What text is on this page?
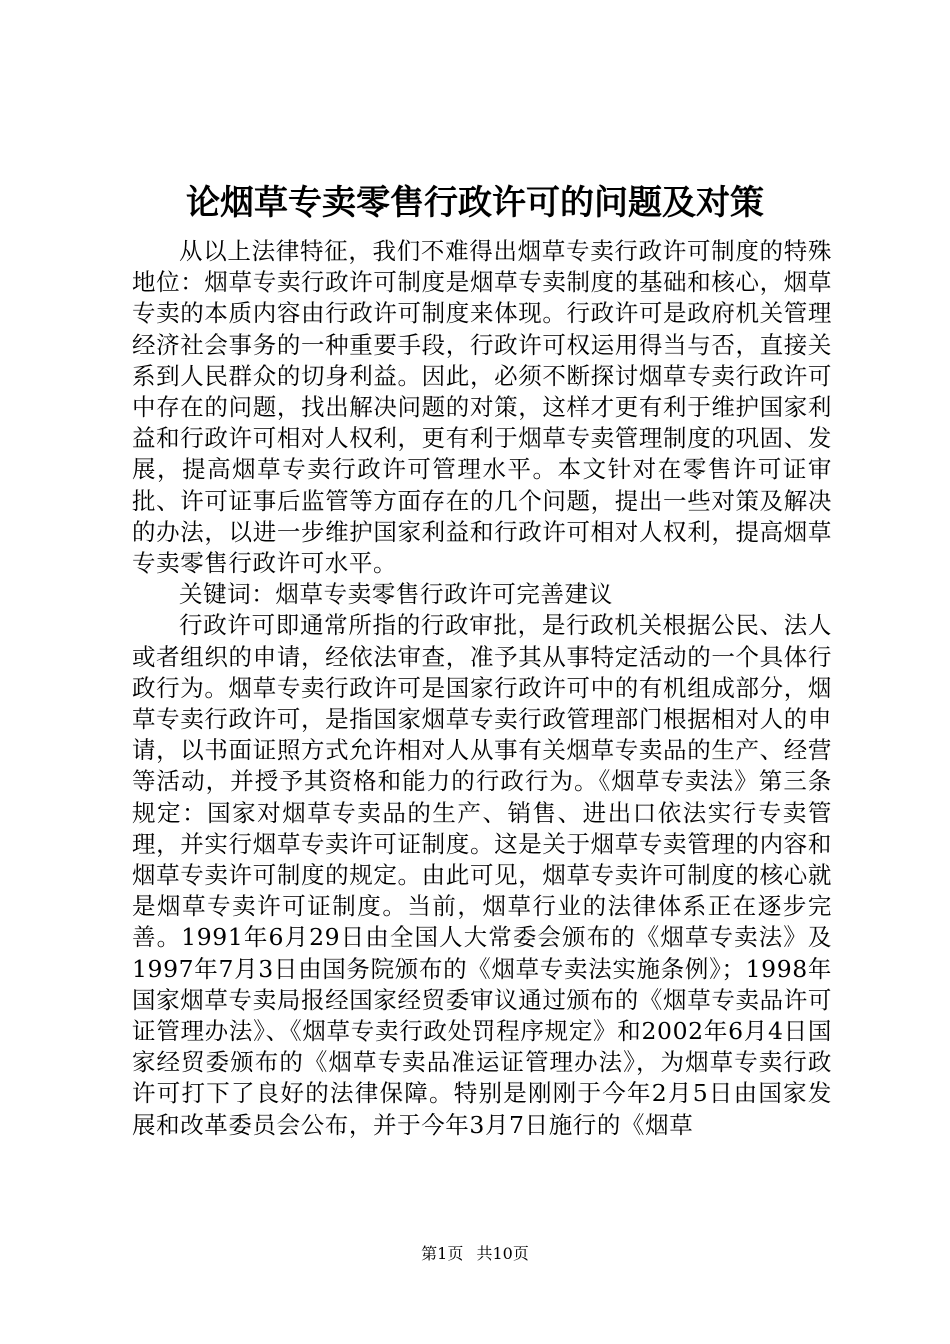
论烟草专卖零售行政许可的问题及对策

从以上法律特征，我们不难得出烟草专卖行政许可制度的特殊地位：烟草专卖行政许可制度是烟草专卖制度的基础和核心，烟草专卖的本质内容由行政许可制度来体现。行政许可是政府机关管理经济社会事务的一种重要手段，行政许可权运用得当与否，直接关系到人民群众的切身利益。因此，必须不断探讨烟草专卖行政许可中存在的问题，找出解决问题的对策，这样才更有利于维护国家利益和行政许可相对人权利，更有利于烟草专卖管理制度的巩固、发展，提高烟草专卖行政许可管理水平。本文针对在零售许可证审批、许可证事后监管等方面存在的几个问题，提出一些对策及解决的办法，以进一步维护国家利益和行政许可相对人权利，提高烟草专卖零售行政许可水平。

关键词：烟草专卖零售行政许可完善建议

行政许可即通常所指的行政审批，是行政机关根据公民、法人或者组织的申请，经依法审查，准予其从事特定活动的一个具体行政行为。烟草专卖行政许可是国家行政许可中的有机组成部分，烟草专卖行政许可，是指国家烟草专卖行政管理部门根据相对人的申请，以书面证照方式允许相对人从事有关烟草专卖品的生产、经营等活动，并授予其资格和能力的行政行为。《烟草专卖法》第三条规定：国家对烟草专卖品的生产、销售、进出口依法实行专卖管理，并实行烟草专卖许可证制度。这是关于烟草专卖管理的内容和烟草专卖许可制度的规定。由此可见，烟草专卖许可制度的核心就是烟草专卖许可证制度。当前，烟草行业的法律体系正在逐步完善。1991年6月29日由全国人大常委会颁布的《烟草专卖法》及1997年7月3日由国务院颁布的《烟草专卖法实施条例》；1998年国家烟草专卖局报经国家经贸委审议通过颁布的《烟草专卖品许可证管理办法》、《烟草专卖行政处罚程序规定》和2002年6月4日国家经贸委颁布的《烟草专卖品准运证管理办法》，为烟草专卖行政许可打下了良好的法律保障。特别是刚刚于今年2月5日由国家发展和改革委员会公布，并于今年3月7日施行的《烟草

第1页 共10页
